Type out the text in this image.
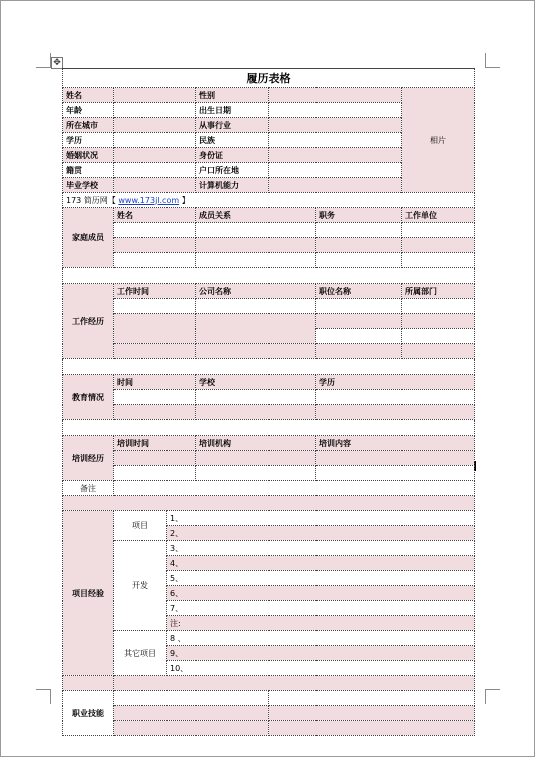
✥
履历表格						
姓名			性别			相片
年龄			出生日期			
所在城市			从事行业			
学历			民族			
婚姻状况			身份证			
籍贯			户口所在地			
毕业学校			计算机能力			
173 简历网【 www.173jl.com 】						
家庭成员	姓名		成员关系		职务	工作单位

工作经历	工作时间		公司名称		职位名称	所属部门

教育情况	时间		学校		学历	

培训经历	培训时间		培训机构		培训内容	

备注						

项目经验	项目	1、				
		2、				
	开发	3、				
		4、				
		5、				
		6、				
		7、				
		注:				
	其它项目	8 、				
		9、				
		10、				

职业技能						
